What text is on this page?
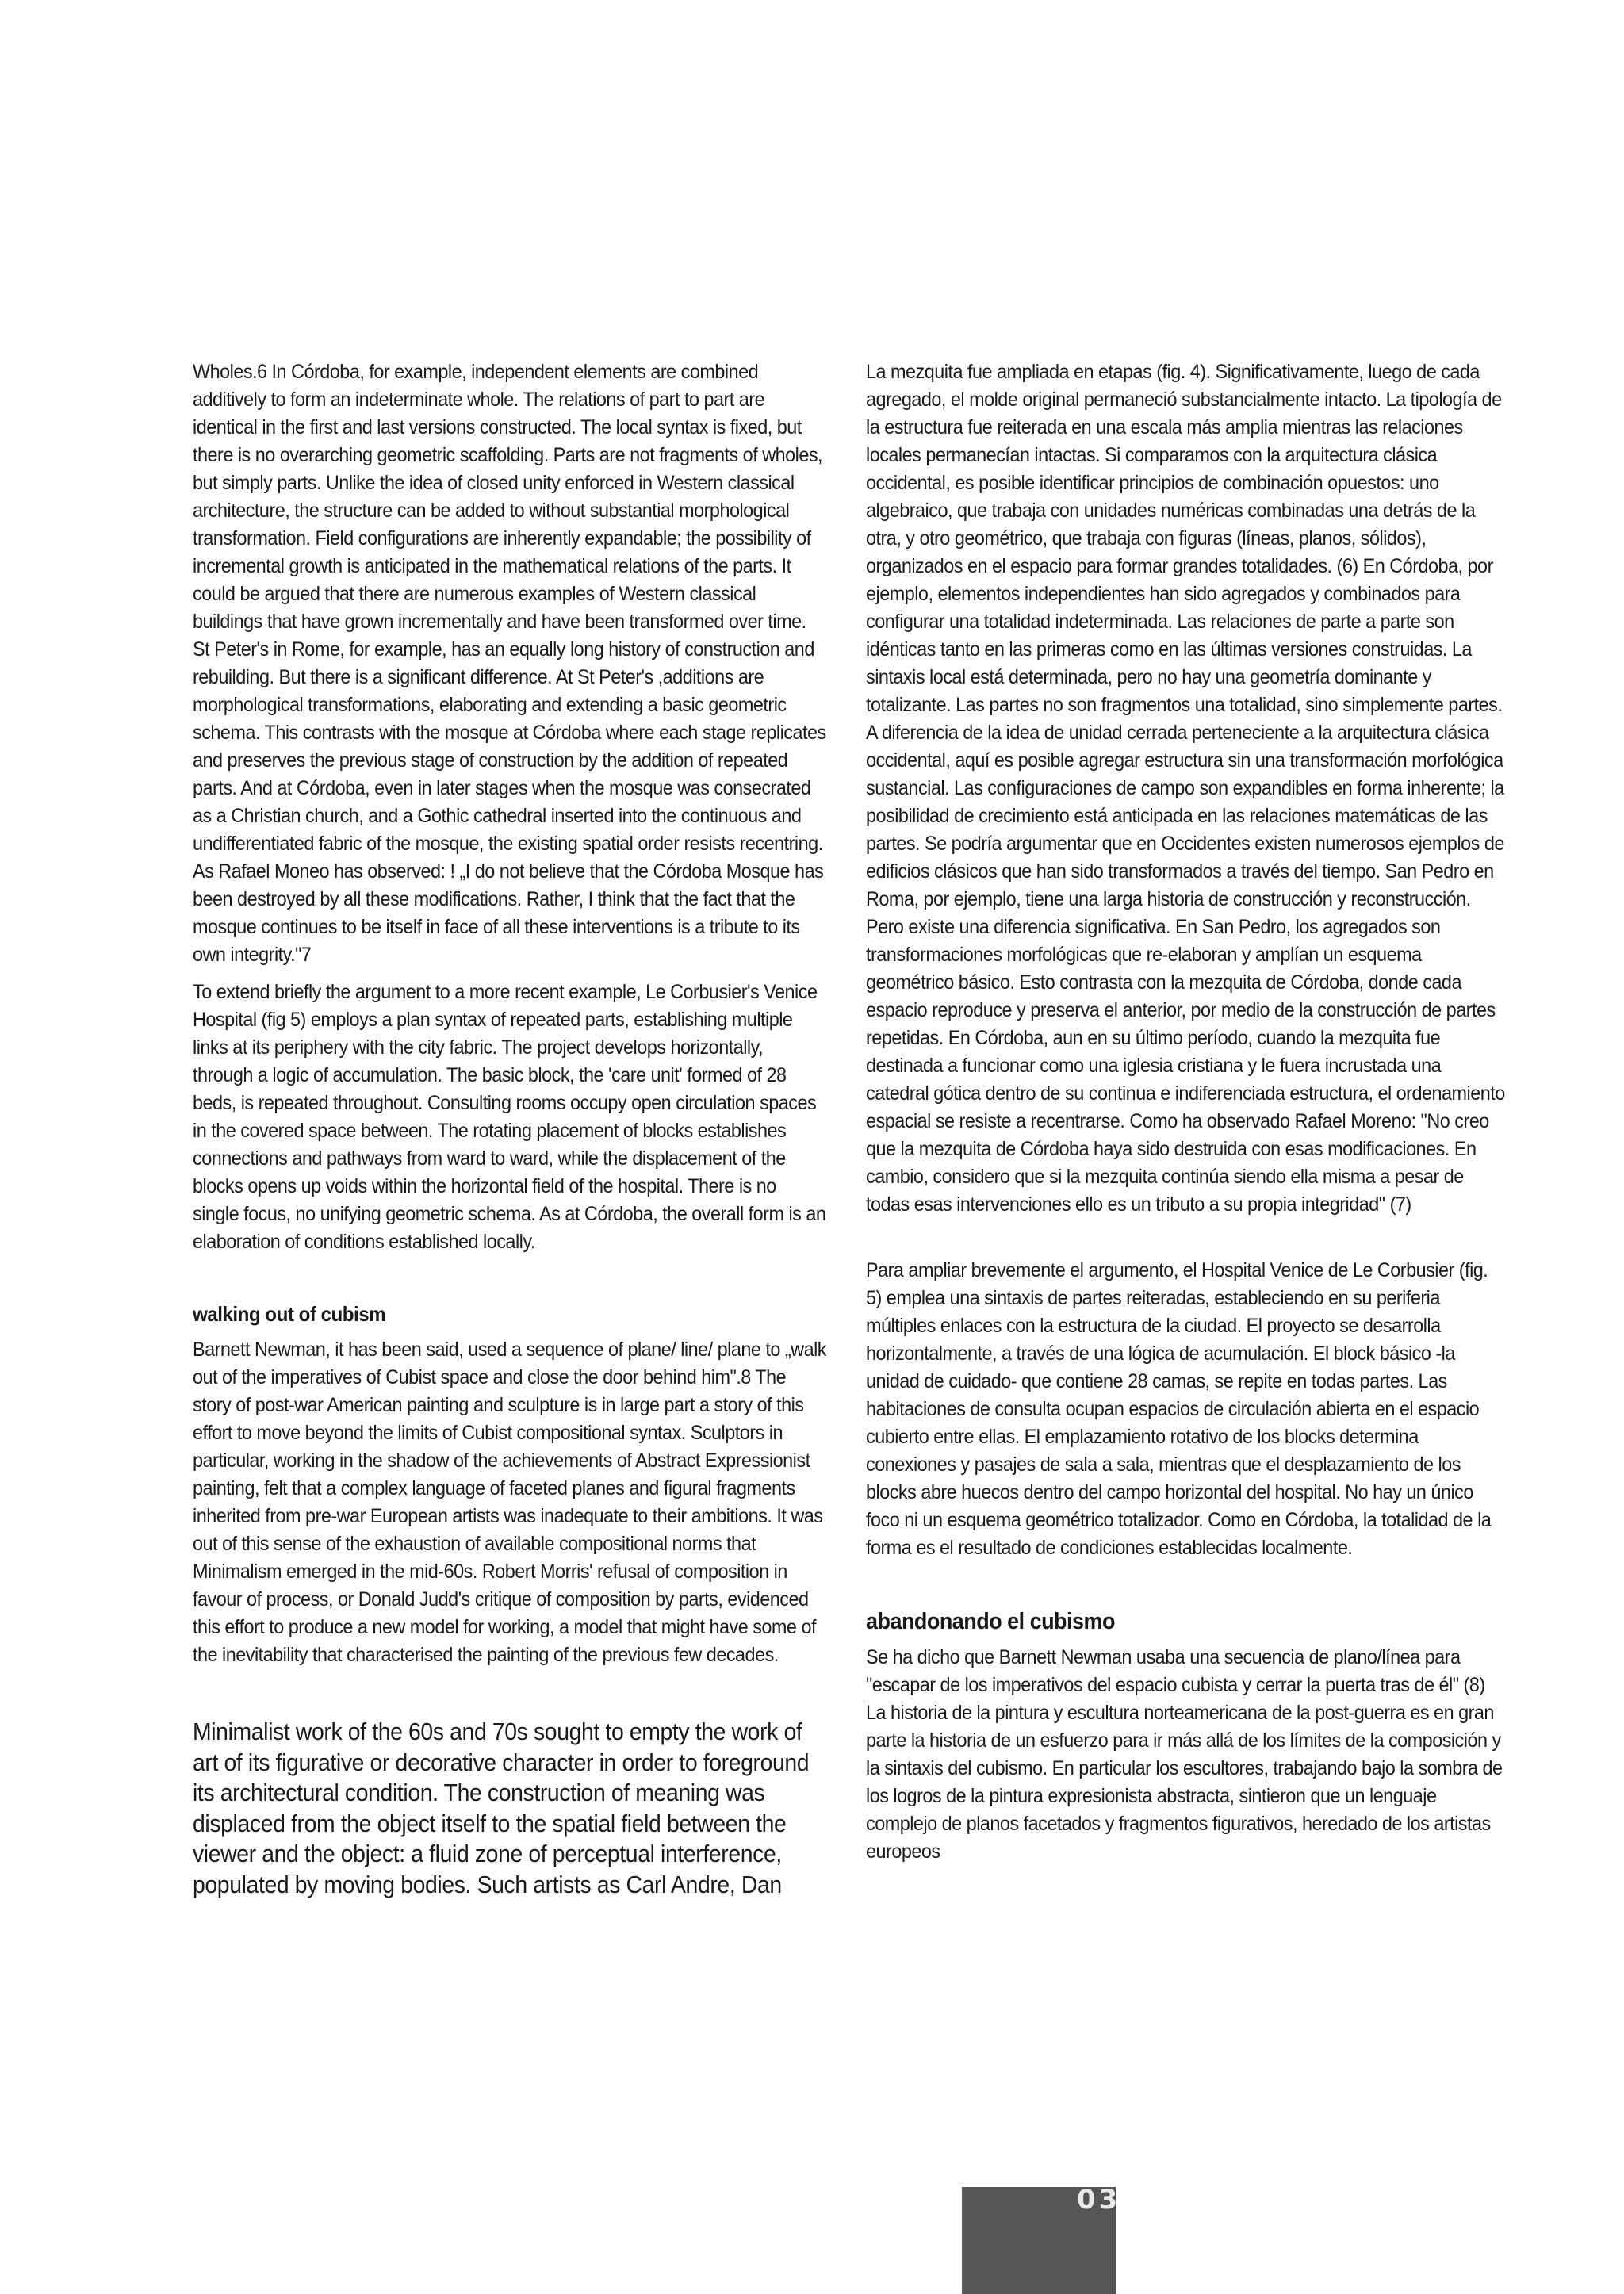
Wholes.6 In Córdoba, for example, independent elements are combined additively to form an indeterminate whole. The relations of part to part are identical in the first and last versions constructed. The local syntax is fixed, but there is no overarching geometric scaffolding. Parts are not fragments of wholes, but simply parts. Unlike the idea of closed unity enforced in Western classical architecture, the structure can be added to without substantial morphological transformation. Field configurations are inherently expandable; the possibility of incremental growth is anticipated in the mathematical relations of the parts. It could be argued that there are numerous examples of Western classical buildings that have grown incrementally and have been transformed over time. St Peter's in Rome, for example, has an equally long history of construction and rebuilding. But there is a significant difference. At St Peter's ,additions are morphological transformations, elaborating and extending a basic geometric schema. This contrasts with the mosque at Córdoba where each stage replicates and preserves the previous stage of construction by the addition of repeated parts. And at Córdoba, even in later stages when the mosque was consecrated as a Christian church, and a Gothic cathedral inserted into the continuous and undifferentiated fabric of the mosque, the existing spatial order resists recentring. As Rafael Moneo has observed: ! „I do not believe that the Córdoba Mosque has been destroyed by all these modifications. Rather, I think that the fact that the mosque continues to be itself in face of all these interventions is a tribute to its own integrity."7

To extend briefly the argument to a more recent example, Le Corbusier's Venice Hospital (fig 5) employs a plan syntax of repeated parts, establishing multiple links at its periphery with the city fabric. The project develops horizontally, through a logic of accumulation. The basic block, the 'care unit' formed of 28 beds, is repeated throughout. Consulting rooms occupy open circulation spaces in the covered space between. The rotating placement of blocks establishes connections and pathways from ward to ward, while the displacement of the blocks opens up voids within the horizontal field of the hospital. There is no single focus, no unifying geometric schema. As at Córdoba, the overall form is an elaboration of conditions established locally.

walking out of cubism

Barnett Newman, it has been said, used a sequence of plane/ line/ plane to „walk out of the imperatives of Cubist space and close the door behind him".8 The story of post-war American painting and sculpture is in large part a story of this effort to move beyond the limits of Cubist compositional syntax. Sculptors in particular, working in the shadow of the achievements of Abstract Expressionist painting, felt that a complex language of faceted planes and figural fragments inherited from pre-war European artists was inadequate to their ambitions. It was out of this sense of the exhaustion of available compositional norms that Minimalism emerged in the mid-60s. Robert Morris' refusal of composition in favour of process, or Donald Judd's critique of composition by parts, evidenced this effort to produce a new model for working, a model that might have some of the inevitability that characterised the painting of the previous few decades.

Minimalist work of the 60s and 70s sought to empty the work of art of its figurative or decorative character in order to foreground its architectural condition. The construction of meaning was displaced from the object itself to the spatial field between the viewer and the object: a fluid zone of perceptual interference, populated by moving bodies. Such artists as Carl Andre, Dan

La mezquita fue ampliada en etapas (fig. 4). Significativamente, luego de cada agregado, el molde original permaneció substancialmente intacto. La tipología de la estructura fue reiterada en una escala más amplia mientras las relaciones locales permanecían intactas. Si comparamos con la arquitectura clásica occidental, es posible identificar principios de combinación opuestos: uno algebraico, que trabaja con unidades numéricas combinadas una detrás de la otra, y otro geométrico, que trabaja con figuras (líneas, planos, sólidos), organizados en el espacio para formar grandes totalidades. (6) En Córdoba, por ejemplo, elementos independientes han sido agregados y combinados para configurar una totalidad indeterminada. Las relaciones de parte a parte son idénticas tanto en las primeras como en las últimas versiones construidas. La sintaxis local está determinada, pero no hay una geometría dominante y totalizante. Las partes no son fragmentos una totalidad, sino simplemente partes. A diferencia de la idea de unidad cerrada perteneciente a la arquitectura clásica occidental, aquí es posible agregar estructura sin una transformación morfológica sustancial. Las configuraciones de campo son expandibles en forma inherente; la posibilidad de crecimiento está anticipada en las relaciones matemáticas de las partes. Se podría argumentar que en Occidentes existen numerosos ejemplos de edificios clásicos que han sido transformados a través del tiempo. San Pedro en Roma, por ejemplo, tiene una larga historia de construcción y reconstrucción. Pero existe una diferencia significativa. En San Pedro, los agregados son transformaciones morfológicas que re-elaboran y amplían un esquema geométrico básico. Esto contrasta con la mezquita de Córdoba, donde cada espacio reproduce y preserva el anterior, por medio de la construcción de partes repetidas. En Córdoba, aun en su último período, cuando la mezquita fue destinada a funcionar como una iglesia cristiana y le fuera incrustada una catedral gótica dentro de su continua e indiferenciada estructura, el ordenamiento espacial se resiste a recentrarse. Como ha observado Rafael Moreno: "No creo que la mezquita de Córdoba haya sido destruida con esas modificaciones. En cambio, considero que si la mezquita continúa siendo ella misma a pesar de todas esas intervenciones ello es un tributo a su propia integridad" (7)

Para ampliar brevemente el argumento, el Hospital Venice de Le Corbusier (fig. 5) emplea una sintaxis de partes reiteradas, estableciendo en su periferia múltiples enlaces con la estructura de la ciudad. El proyecto se desarrolla horizontalmente, a través de una lógica de acumulación. El block básico -la unidad de cuidado- que contiene 28 camas, se repite en todas partes. Las habitaciones de consulta ocupan espacios de circulación abierta en el espacio cubierto entre ellas. El emplazamiento rotativo de los blocks determina conexiones y pasajes de sala a sala, mientras que el desplazamiento de los blocks abre huecos dentro del campo horizontal del hospital. No hay un único foco ni un esquema geométrico totalizador. Como en Córdoba, la totalidad de la forma es el resultado de condiciones establecidas localmente.

abandonando el cubismo

Se ha dicho que Barnett Newman usaba una secuencia de plano/línea para "escapar de los imperativos del espacio cubista y cerrar la puerta tras de él" (8) La historia de la pintura y escultura norteamericana de la post-guerra es en gran parte la historia de un esfuerzo para ir más allá de los límites de la composición y la sintaxis del cubismo. En particular los escultores, trabajando bajo la sombra de los logros de la pintura expresionista abstracta, sintieron que un lenguaje complejo de planos facetados y fragmentos figurativos, heredado de los artistas europeos

03
